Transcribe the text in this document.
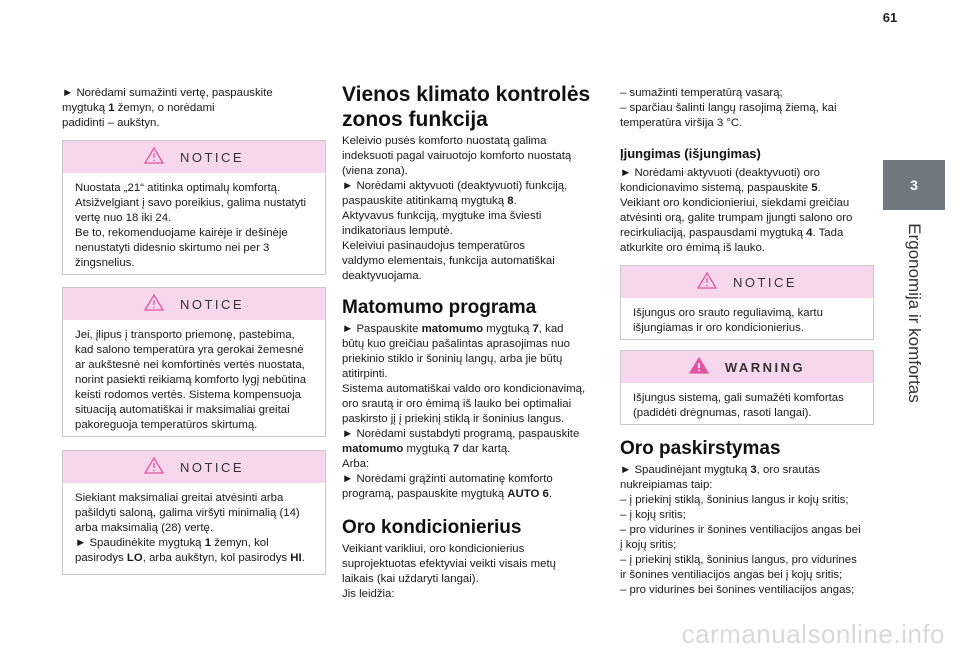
61
3
Ergonomija ir komfortas
► Norėdami sumažinti vertę, paspauskite
mygtuką 1 žemyn, o norėdami
padidinti – aukštyn.
NOTICE
Nuostata „21“ atitinka optimalų komfortą.
Atsižvelgiant į savo poreikius, galima nustatyti
vertę nuo 18 iki 24.
Be to, rekomenduojame kairėje ir dešinėje
nenustatyti didesnio skirtumo nei per 3
žingsnelius.
NOTICE
Jei, įlipus į transporto priemonę, pastebima,
kad salono temperatūra yra gerokai žemesnė
ar aukštesnė nei komfortinės vertės nuostata,
norint pasiekti reikiamą komforto lygį nebūtina
keisti rodomos vertės. Sistema kompensuoja
situaciją automatiškai ir maksimaliai greitai
pakoreguoja temperatūros skirtumą.
NOTICE
Siekiant maksimaliai greitai atvėsinti arba
pašildyti saloną, galima viršyti minimalią (14)
arba maksimalią (28) vertę.
► Spaudinėkite mygtuką 1 žemyn, kol
pasirodys LO, arba aukštyn, kol pasirodys HI.
Vienos klimato kontrolės
zonos funkcija
Keleivio pusės komforto nuostatą galima
indeksuoti pagal vairuotojo komforto nuostatą
(viena zona).
► Norėdami aktyvuoti (deaktyvuoti) funkciją,
paspauskite atitinkamą mygtuką 8.
Aktyvavus funkciją, mygtuke ima šviesti
indikatoriaus lemputė.
Keleiviui pasinaudojus temperatūros
valdymo elementais, funkcija automatiškai
deaktyvuojama.
Matomumo programa
► Paspauskite matomumo mygtuką 7, kad
būtų kuo greičiau pašalintas aprasojimas nuo
priekinio stiklo ir šoninių langų, arba jie būtų
atitirpinti.
Sistema automatiškai valdo oro kondicionavimą,
oro srautą ir oro ėmimą iš lauko bei optimaliai
paskirsto jį į priekinį stiklą ir šoninius langus.
► Norėdami sustabdyti programą, paspauskite
matomumo mygtuką 7 dar kartą.
Arba:
► Norėdami grąžinti automatinę komforto
programą, paspauskite mygtuką AUTO 6.
Oro kondicionierius
Veikiant varikliui, oro kondicionierius
suprojektuotas efektyviai veikti visais metų
laikais (kai uždaryti langai).
Jis leidžia:
– sumažinti temperatūrą vasarą;
– sparčiau šalinti langų rasojimą žiemą, kai
temperatūra viršija 3 °C.
Įjungimas (išjungimas)
► Norėdami aktyvuoti (deaktyvuoti) oro
kondicionavimo sistemą, paspauskite 5.
Veikiant oro kondicionieriui, siekdami greičiau
atvėsinti orą, galite trumpam įjungti salono oro
recirkuliaciją, paspausdami mygtuką 4. Tada
atkurkite oro ėmimą iš lauko.
NOTICE
Išjungus oro srauto reguliavimą, kartu
išjungiamas ir oro kondicionierius.
WARNING
Išjungus sistemą, gali sumažėti komfortas
(padidėti drėgnumas, rasoti langai).
Oro paskirstymas
► Spaudinėjant mygtuką 3, oro srautas
nukreipiamas taip:
– į priekinį stiklą, šoninius langus ir kojų sritis;
– į kojų sritis;
– pro vidurines ir šonines ventiliacijos angas bei
į kojų sritis;
– į priekinį stiklą, šoninius langus, pro vidurines
ir šonines ventiliacijos angas bei į kojų sritis;
– pro vidurines bei šonines ventiliacijos angas;
carmanualsonline.info
